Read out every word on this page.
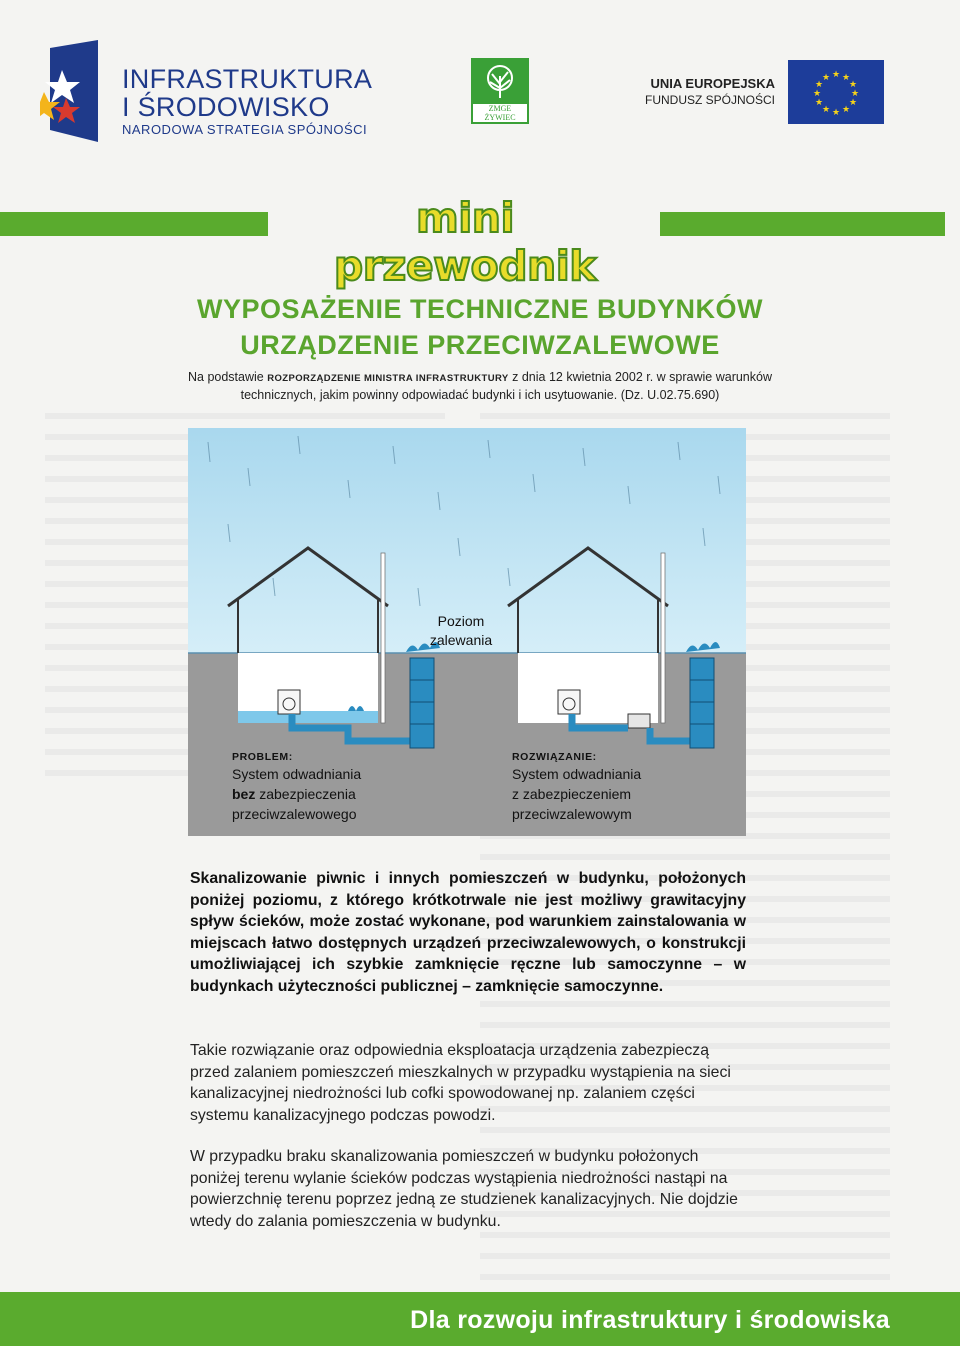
INFRASTRUKTURA
I ŚRODOWISKO
NARODOWA STRATEGIA SPÓJNOŚCI
ZMGE
ŻYWIEC
UNIA EUROPEJSKA
FUNDUSZ SPÓJNOŚCI
★ ★
★
★
★
★
★
★
★
★
★
★
mini przewodnik
WYPOSAŻENIE TECHNICZNE BUDYNKÓW
URZĄDZENIE PRZECIWZALEWOWE
Na podstawie ROZPORZĄDZENIE MINISTRA INFRASTRUKTURY z dnia 12 kwietnia 2002 r. w sprawie warunków technicznych, jakim powinny odpowiadać budynki i ich usytuowanie. (Dz. U.02.75.690)
Poziom
zalewania
PROBLEM:
System odwadniania
bez zabezpieczenia
przeciwzalewowego
ROZWIĄZANIE:
System odwadniania
z zabezpieczeniem
przeciwzalewowym
Skanalizowanie piwnic i innych pomieszczeń w budynku, położonych poniżej poziomu, z którego krótkotrwale nie jest możliwy grawitacyjny spływ ścieków, może zostać wykonane, pod warunkiem zainstalowania w miejscach łatwo dostępnych urządzeń przeciwzalewowych, o konstrukcji umożliwiającej ich szybkie zamknięcie ręczne lub samoczynne – w budynkach użyteczności publicznej – zamknięcie samoczynne.
Takie rozwiązanie oraz odpowiednia eksploatacja urządzenia zabezpieczą przed zalaniem pomieszczeń mieszkalnych w przypadku wystąpienia na sieci kanalizacyjnej niedrożności lub cofki spowodowanej np. zalaniem części systemu kanalizacyjnego podczas powodzi.
W przypadku braku skanalizowania pomieszczeń w budynku położonych poniżej terenu wylanie ścieków podczas wystąpienia niedrożności nastąpi na powierzchnię terenu poprzez jedną ze studzienek kanalizacyjnych. Nie dojdzie wtedy do zalania pomieszczenia w budynku.
Dla rozwoju infrastruktury i środowiska
